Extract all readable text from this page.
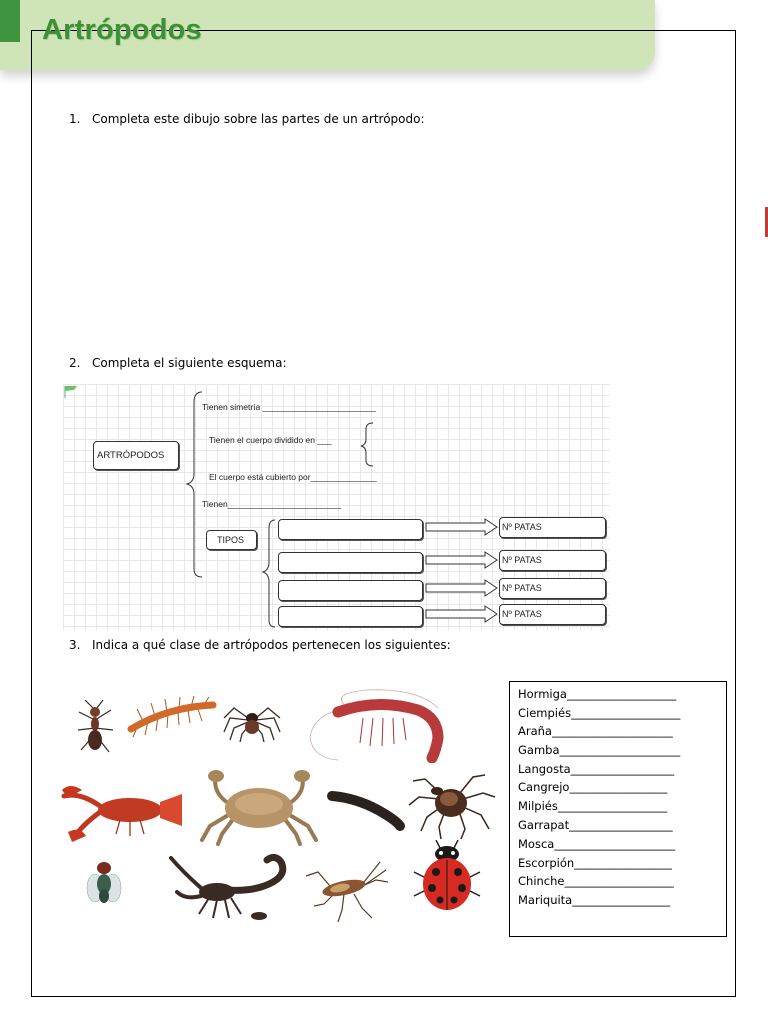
Artrópodos
1. Completa este dibujo sobre las partes de un artrópodo:
2. Completa el siguiente esquema:
ARTRÓPODOS
Tienen simetría ________________________
Tienen el cuerpo dividido en ___
El cuerpo está cubierto por______________
Tienen________________________
TIPOS
Nº PATAS
Nº PATAS
Nº PATAS
Nº PATAS
3. Indica a qué clase de artrópodos pertenecen los siguientes:
Hormiga___________________
Ciempiés___________________
Araña_____________________
Gamba_____________________
Langosta__________________
Cangrejo_________________
Milpiés___________________
Garrapat__________________
Mosca_____________________
Escorpión_________________
Chinche___________________
Mariquita_________________
